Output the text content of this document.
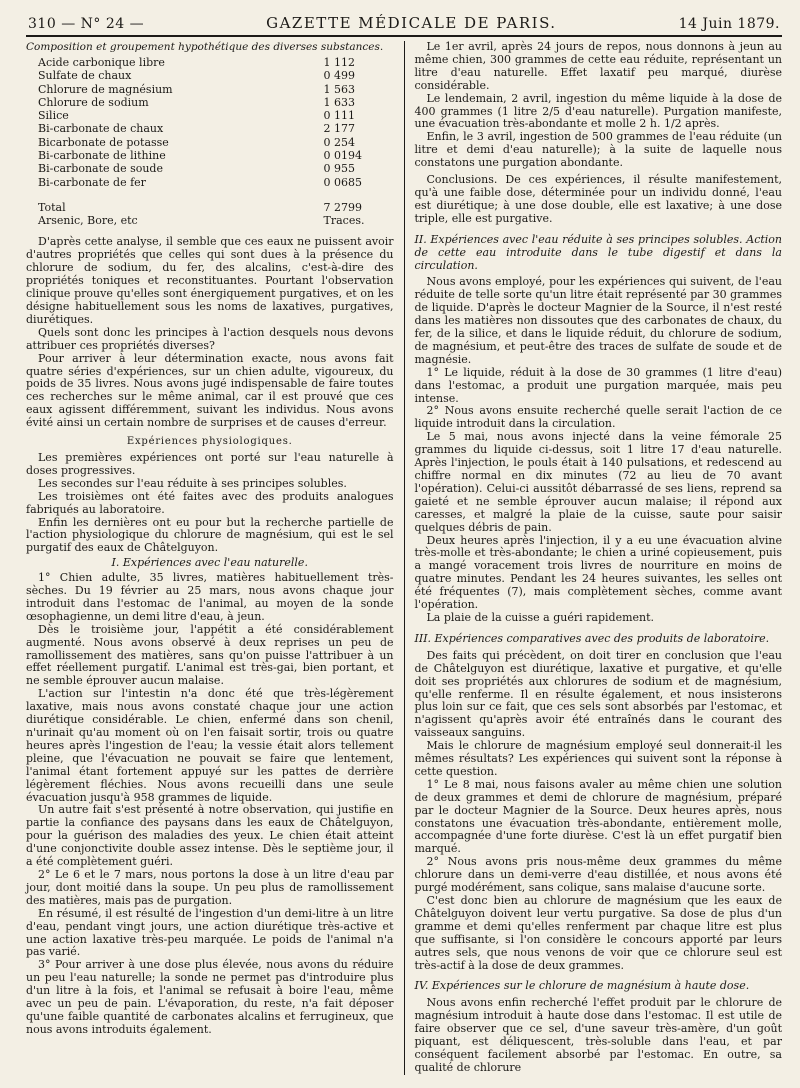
310 — N° 24 —	GAZETTE MÉDICALE DE PARIS.	14 Juin 1879.

Composition et groupement hypothétique des diverses substances.

Acide carbonique libre	1 112
Sulfate de chaux	0 499
Chlorure de magnésium	1 563
Chlorure de sodium	1 633
Silice	0 111
Bi-carbonate de chaux	2 177
Bicarbonate de potasse	0 254
Bi-carbonate de lithine	0 0194
Bi-carbonate de soude	0 955
Bi-carbonate de fer	0 0685
Total	7 2799
Arsenic, Bore, etc	Traces.

D'après cette analyse, il semble que ces eaux ne puissent avoir d'autres propriétés que celles qui sont dues à la présence du chlorure de sodium, du fer, des alcalins, c'est-à-dire des propriétés toniques et reconstituantes. Pourtant l'observation clinique prouve qu'elles sont énergiquement purgatives, et on les désigne habituellement sous les noms de laxatives, purgatives, diurétiques.

Quels sont donc les principes à l'action desquels nous devons attribuer ces propriétés diverses?

Pour arriver à leur détermination exacte, nous avons fait quatre séries d'expériences, sur un chien adulte, vigoureux, du poids de 35 livres. Nous avons jugé indispensable de faire toutes ces recherches sur le même animal, car il est prouvé que ces eaux agissent différemment, suivant les individus. Nous avons évité ainsi un certain nombre de surprises et de causes d'erreur.

Expériences physiologiques.

Les premières expériences ont porté sur l'eau naturelle à doses progressives.

Les secondes sur l'eau réduite à ses principes solubles.

Les troisièmes ont été faites avec des produits analogues fabriqués au laboratoire.

Enfin les dernières ont eu pour but la recherche partielle de l'action physiologique du chlorure de magnésium, qui est le sel purgatif des eaux de Châtelguyon.

I. Expériences avec l'eau naturelle.

1° Chien adulte, 35 livres, matières habituellement très-sèches. Du 19 février au 25 mars, nous avons chaque jour introduit dans l'estomac de l'animal, au moyen de la sonde œsophagienne, un demi litre d'eau, à jeun.

Dès le troisième jour, l'appétit a été considérablement augmenté. Nous avons observé à deux reprises un peu de ramollissement des matières, sans qu'on puisse l'attribuer à un effet réellement purgatif. L'animal est très-gai, bien portant, et ne semble éprouver aucun malaise.

L'action sur l'intestin n'a donc été que très-légèrement laxative, mais nous avons constaté chaque jour une action diurétique considérable. Le chien, enfermé dans son chenil, n'urinait qu'au moment où on l'en faisait sortir, trois ou quatre heures après l'ingestion de l'eau; la vessie était alors tellement pleine, que l'évacuation ne pouvait se faire que lentement, l'animal étant fortement appuyé sur les pattes de derrière légèrement fléchies. Nous avons recueilli dans une seule évacuation jusqu'à 958 grammes de liquide.

Un autre fait s'est présenté à notre observation, qui justifie en partie la confiance des paysans dans les eaux de Châtelguyon, pour la guérison des maladies des yeux. Le chien était atteint d'une conjonctivite double assez intense. Dès le septième jour, il a été complètement guéri.

2° Le 6 et le 7 mars, nous portons la dose à un litre d'eau par jour, dont moitié dans la soupe. Un peu plus de ramollissement des matières, mais pas de purgation.

En résumé, il est résulté de l'ingestion d'un demi-litre à un litre d'eau, pendant vingt jours, une action diurétique très-active et une action laxative très-peu marquée. Le poids de l'animal n'a pas varié.

3° Pour arriver à une dose plus élevée, nous avons du réduire un peu l'eau naturelle; la sonde ne permet pas d'introduire plus d'un litre à la fois, et l'animal se refusait à boire l'eau, même avec un peu de pain. L'évaporation, du reste, n'a fait déposer qu'une faible quantité de carbonates alcalins et ferrugineux, que nous avons introduits également.

Le 1er avril, après 24 jours de repos, nous donnons à jeun au même chien, 300 grammes de cette eau réduite, représentant un litre d'eau naturelle. Effet laxatif peu marqué, diurèse considérable.

Le lendemain, 2 avril, ingestion du même liquide à la dose de 400 grammes (1 litre 2/5 d'eau naturelle). Purgation manifeste, une évacuation très-abondante et molle 2 h. 1/2 après.

Enfin, le 3 avril, ingestion de 500 grammes de l'eau réduite (un litre et demi d'eau naturelle); à la suite de laquelle nous constatons une purgation abondante.

Conclusions. De ces expériences, il résulte manifestement, qu'à une faible dose, déterminée pour un individu donné, l'eau est diurétique; à une dose double, elle est laxative; à une dose triple, elle est purgative.

II. Expériences avec l'eau réduite à ses principes solubles. Action de cette eau introduite dans le tube digestif et dans la circulation.

Nous avons employé, pour les expériences qui suivent, de l'eau réduite de telle sorte qu'un litre était représenté par 30 grammes de liquide. D'après le docteur Magnier de la Source, il n'est resté dans les matières non dissoutes que des carbonates de chaux, du fer, de la silice, et dans le liquide réduit, du chlorure de sodium, de magnésium, et peut-être des traces de sulfate de soude et de magnésie.

1° Le liquide, réduit à la dose de 30 grammes (1 litre d'eau) dans l'estomac, a produit une purgation marquée, mais peu intense.

2° Nous avons ensuite recherché quelle serait l'action de ce liquide introduit dans la circulation.

Le 5 mai, nous avons injecté dans la veine fémorale 25 grammes du liquide ci-dessus, soit 1 litre 17 d'eau naturelle. Après l'injection, le pouls était à 140 pulsations, et redescend au chiffre normal en dix minutes (72 au lieu de 70 avant l'opération). Celui-ci aussitôt débarrassé de ses liens, reprend sa gaieté et ne semble éprouver aucun malaise; il répond aux caresses, et malgré la plaie de la cuisse, saute pour saisir quelques débris de pain.

Deux heures après l'injection, il y a eu une évacuation alvine très-molle et très-abondante; le chien a uriné copieusement, puis a mangé voracement trois livres de nourriture en moins de quatre minutes. Pendant les 24 heures suivantes, les selles ont été fréquentes (7), mais complètement sèches, comme avant l'opération.

La plaie de la cuisse a guéri rapidement.

III. Expériences comparatives avec des produits de laboratoire.

Des faits qui précèdent, on doit tirer en conclusion que l'eau de Châtelguyon est diurétique, laxative et purgative, et qu'elle doit ses propriétés aux chlorures de sodium et de magnésium, qu'elle renferme. Il en résulte également, et nous insisterons plus loin sur ce fait, que ces sels sont absorbés par l'estomac, et n'agissent qu'après avoir été entraînés dans le courant des vaisseaux sanguins.

Mais le chlorure de magnésium employé seul donnerait-il les mêmes résultats? Les expériences qui suivent sont la réponse à cette question.

1° Le 8 mai, nous faisons avaler au même chien une solution de deux grammes et demi de chlorure de magnésium, préparé par le docteur Magnier de la Source. Deux heures après, nous constatons une évacuation très-abondante, entièrement molle, accompagnée d'une forte diurèse. C'est là un effet purgatif bien marqué.

2° Nous avons pris nous-même deux grammes du même chlorure dans un demi-verre d'eau distillée, et nous avons été purgé modérément, sans colique, sans malaise d'aucune sorte.

C'est donc bien au chlorure de magnésium que les eaux de Châtelguyon doivent leur vertu purgative. Sa dose de plus d'un gramme et demi qu'elles renferment par chaque litre est plus que suffisante, si l'on considère le concours apporté par leurs autres sels, que nous venons de voir que ce chlorure seul est très-actif à la dose de deux grammes.

IV. Expériences sur le chlorure de magnésium à haute dose.

Nous avons enfin recherché l'effet produit par le chlorure de magnésium introduit à haute dose dans l'estomac. Il est utile de faire observer que ce sel, d'une saveur très-amère, d'un goût piquant, est déliquescent, très-soluble dans l'eau, et par conséquent facilement absorbé par l'estomac. En outre, sa qualité de chlorure
